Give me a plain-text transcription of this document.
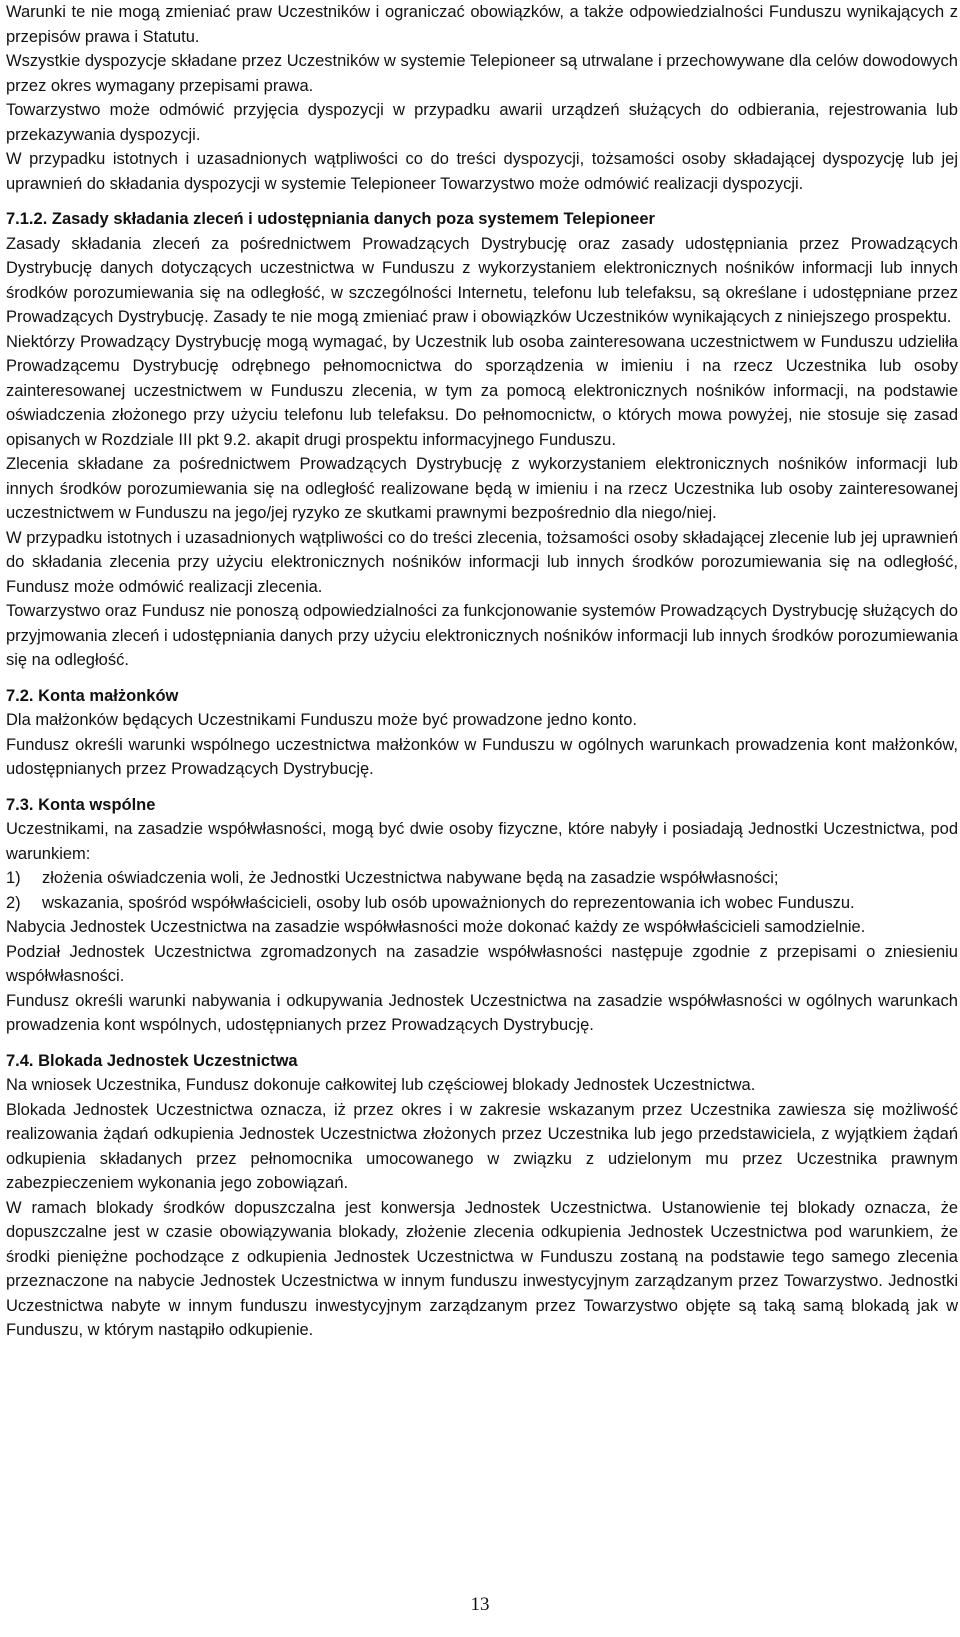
Warunki te nie mogą zmieniać praw Uczestników i ograniczać obowiązków, a także odpowiedzialności Funduszu wynikających z przepisów prawa i Statutu.

Wszystkie dyspozycje składane przez Uczestników w systemie Telepioneer są utrwalane i przechowywane dla celów dowodowych przez okres wymagany przepisami prawa.

Towarzystwo może odmówić przyjęcia dyspozycji w przypadku awarii urządzeń służących do odbierania, rejestrowania lub przekazywania dyspozycji.

W przypadku istotnych i uzasadnionych wątpliwości co do treści dyspozycji, tożsamości osoby składającej dyspozycję lub jej uprawnień do składania dyspozycji w systemie Telepioneer Towarzystwo może odmówić realizacji dyspozycji.

7.1.2. Zasady składania zleceń i udostępniania danych poza systemem Telepioneer

Zasady składania zleceń za pośrednictwem Prowadzących Dystrybucję oraz zasady udostępniania przez Prowadzących Dystrybucję danych dotyczących uczestnictwa w Funduszu z wykorzystaniem elektronicznych nośników informacji lub innych środków porozumiewania się na odległość, w szczególności Internetu, telefonu lub telefaksu, są określane i udostępniane przez Prowadzących Dystrybucję. Zasady te nie mogą zmieniać praw i obowiązków Uczestników wynikających z niniejszego prospektu.

Niektórzy Prowadzący Dystrybucję mogą wymagać, by Uczestnik lub osoba zainteresowana uczestnictwem w Funduszu udzieliła Prowadzącemu Dystrybucję odrębnego pełnomocnictwa do sporządzenia w imieniu i na rzecz Uczestnika lub osoby zainteresowanej uczestnictwem w Funduszu zlecenia, w tym za pomocą elektronicznych nośników informacji, na podstawie oświadczenia złożonego przy użyciu telefonu lub telefaksu. Do pełnomocnictw, o których mowa powyżej, nie stosuje się zasad opisanych w Rozdziale III pkt 9.2. akapit drugi prospektu informacyjnego Funduszu.

Zlecenia składane za pośrednictwem Prowadzących Dystrybucję z wykorzystaniem elektronicznych nośników informacji lub innych środków porozumiewania się na odległość realizowane będą w imieniu i na rzecz Uczestnika lub osoby zainteresowanej uczestnictwem w Funduszu na jego/jej ryzyko ze skutkami prawnymi bezpośrednio dla niego/niej.

W przypadku istotnych i uzasadnionych wątpliwości co do treści zlecenia, tożsamości osoby składającej zlecenie lub jej uprawnień do składania zlecenia przy użyciu elektronicznych nośników informacji lub innych środków porozumiewania się na odległość, Fundusz może odmówić realizacji zlecenia.

Towarzystwo oraz Fundusz nie ponoszą odpowiedzialności za funkcjonowanie systemów Prowadzących Dystrybucję służących do przyjmowania zleceń i udostępniania danych przy użyciu elektronicznych nośników informacji lub innych środków porozumiewania się na odległość.

7.2. Konta małżonków

Dla małżonków będących Uczestnikami Funduszu może być prowadzone jedno konto.

Fundusz określi warunki wspólnego uczestnictwa małżonków w Funduszu w ogólnych warunkach prowadzenia kont małżonków, udostępnianych przez Prowadzących Dystrybucję.

7.3. Konta wspólne

Uczestnikami, na zasadzie współwłasności, mogą być dwie osoby fizyczne, które nabyły i posiadają Jednostki Uczestnictwa, pod warunkiem:

1)	złożenia oświadczenia woli, że Jednostki Uczestnictwa nabywane będą na zasadzie współwłasności;
2)	wskazania, spośród współwłaścicieli, osoby lub osób upoważnionych do reprezentowania ich wobec Funduszu.

Nabycia Jednostek Uczestnictwa na zasadzie współwłasności może dokonać każdy ze współwłaścicieli samodzielnie.

Podział Jednostek Uczestnictwa zgromadzonych na zasadzie współwłasności następuje zgodnie z przepisami o zniesieniu współwłasności.

Fundusz określi warunki nabywania i odkupywania Jednostek Uczestnictwa na zasadzie współwłasności w ogólnych warunkach prowadzenia kont wspólnych, udostępnianych przez Prowadzących Dystrybucję.

7.4. Blokada Jednostek Uczestnictwa

Na wniosek Uczestnika, Fundusz dokonuje całkowitej lub częściowej blokady Jednostek Uczestnictwa.

Blokada Jednostek Uczestnictwa oznacza, iż przez okres i w zakresie wskazanym przez Uczestnika zawiesza się możliwość realizowania żądań odkupienia Jednostek Uczestnictwa złożonych przez Uczestnika lub jego przedstawiciela, z wyjątkiem żądań odkupienia składanych przez pełnomocnika umocowanego w związku z udzielonym mu przez Uczestnika prawnym zabezpieczeniem wykonania jego zobowiązań.

W ramach blokady środków dopuszczalna jest konwersja Jednostek Uczestnictwa. Ustanowienie tej blokady oznacza, że dopuszczalne jest w czasie obowiązywania blokady, złożenie zlecenia odkupienia Jednostek Uczestnictwa pod warunkiem, że środki pieniężne pochodzące z odkupienia Jednostek Uczestnictwa w Funduszu zostaną na podstawie tego samego zlecenia przeznaczone na nabycie Jednostek Uczestnictwa w innym funduszu inwestycyjnym zarządzanym przez Towarzystwo. Jednostki Uczestnictwa nabyte w innym funduszu inwestycyjnym zarządzanym przez Towarzystwo objęte są taką samą blokadą jak w Funduszu, w którym nastąpiło odkupienie.

13
